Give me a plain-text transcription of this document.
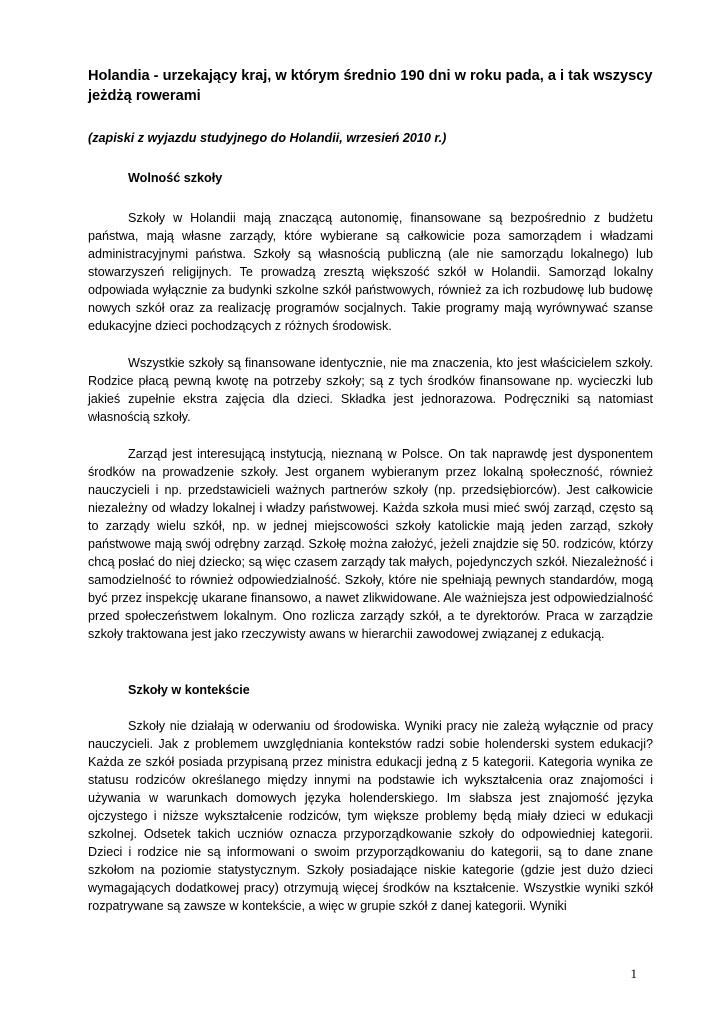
Holandia - urzekający kraj, w którym średnio 190 dni w roku pada, a i tak wszyscy jeżdżą rowerami

(zapiski z wyjazdu studyjnego do Holandii, wrzesień 2010 r.)

Wolność szkoły

Szkoły w Holandii mają znaczącą autonomię, finansowane są bezpośrednio z budżetu państwa, mają własne zarządy, które wybierane są całkowicie poza samorządem i władzami administracyjnymi państwa. Szkoły są własnością publiczną (ale nie samorządu lokalnego) lub stowarzyszeń religijnych. Te prowadzą zresztą większość szkół w Holandii. Samorząd lokalny odpowiada wyłącznie za budynki szkolne szkół państwowych, również za ich rozbudowę lub budowę nowych szkół oraz za realizację programów socjalnych. Takie programy mają wyrównywać szanse edukacyjne dzieci pochodzących z różnych środowisk.

Wszystkie szkoły są finansowane identycznie, nie ma znaczenia, kto jest właścicielem szkoły. Rodzice płacą pewną kwotę na potrzeby szkoły; są z tych środków finansowane np. wycieczki lub jakieś zupełnie ekstra zajęcia dla dzieci. Składka jest jednorazowa. Podręczniki są natomiast własnością szkoły.

Zarząd jest interesującą instytucją, nieznaną w Polsce. On tak naprawdę jest dysponentem środków na prowadzenie szkoły. Jest organem wybieranym przez lokalną społeczność, również nauczycieli i np. przedstawicieli ważnych partnerów szkoły (np. przedsiębiorców). Jest całkowicie niezależny od władzy lokalnej i władzy państwowej. Każda szkoła musi mieć swój zarząd, często są to zarządy wielu szkół, np. w jednej miejscowości szkoły katolickie mają jeden zarząd, szkoły państwowe mają swój odrębny zarząd. Szkołę można założyć, jeżeli znajdzie się 50. rodziców, którzy chcą posłać do niej dziecko; są więc czasem zarządy tak małych, pojedynczych szkół. Niezależność i samodzielność to również odpowiedzialność. Szkoły, które nie spełniają pewnych standardów, mogą być przez inspekcję ukarane finansowo, a nawet zlikwidowane. Ale ważniejsza jest odpowiedzialność przed społeczeństwem lokalnym. Ono rozlicza zarządy szkół, a te dyrektorów. Praca w zarządzie szkoły traktowana jest jako rzeczywisty awans w hierarchii zawodowej związanej z edukacją.

Szkoły w kontekście

Szkoły nie działają w oderwaniu od środowiska. Wyniki pracy nie zależą wyłącznie od pracy nauczycieli. Jak z problemem uwzględniania kontekstów radzi sobie holenderski system edukacji? Każda ze szkół posiada przypisaną przez ministra edukacji jedną z 5 kategorii. Kategoria wynika ze statusu rodziców określanego między innymi na podstawie ich wykształcenia oraz znajomości i używania w warunkach domowych języka holenderskiego. Im słabsza jest znajomość języka ojczystego i niższe wykształcenie rodziców, tym większe problemy będą miały dzieci w edukacji szkolnej. Odsetek takich uczniów oznacza przyporządkowanie szkoły do odpowiedniej kategorii. Dzieci i rodzice nie są informowani o swoim przyporządkowaniu do kategorii, są to dane znane szkołom na poziomie statystycznym. Szkoły posiadające niskie kategorie (gdzie jest dużo dzieci wymagających dodatkowej pracy) otrzymują więcej środków na kształcenie. Wszystkie wyniki szkół rozpatrywane są zawsze w kontekście, a więc w grupie szkół z danej kategorii. Wyniki

1
